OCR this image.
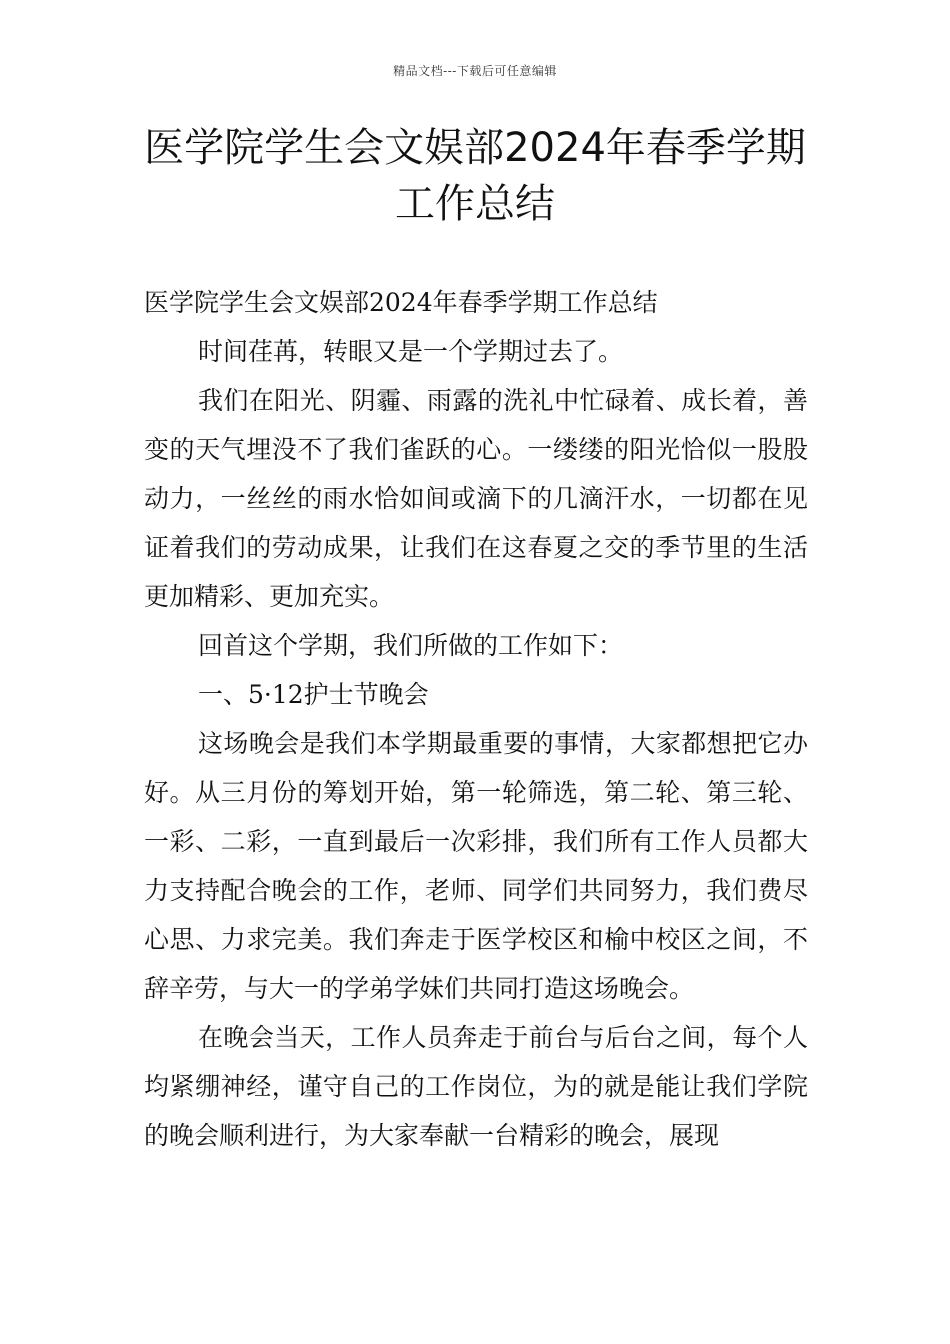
精品文档---下载后可任意编辑
医学院学生会文娱部2024年春季学期
工作总结

医学院学生会文娱部2024年春季学期工作总结

时间荏苒，转眼又是一个学期过去了。

我们在阳光、阴霾、雨露的洗礼中忙碌着、成长着，善变的天气埋没不了我们雀跃的心。一缕缕的阳光恰似一股股动力，一丝丝的雨水恰如间或滴下的几滴汗水，一切都在见证着我们的劳动成果，让我们在这春夏之交的季节里的生活更加精彩、更加充实。

回首这个学期，我们所做的工作如下：

一、5·12护士节晚会

这场晚会是我们本学期最重要的事情，大家都想把它办好。从三月份的筹划开始，第一轮筛选，第二轮、第三轮、一彩、二彩，一直到最后一次彩排，我们所有工作人员都大力支持配合晚会的工作，老师、同学们共同努力，我们费尽心思、力求完美。我们奔走于医学校区和榆中校区之间，不辞辛劳，与大一的学弟学妹们共同打造这场晚会。

在晚会当天，工作人员奔走于前台与后台之间，每个人均紧绷神经，谨守自己的工作岗位，为的就是能让我们学院的晚会顺利进行，为大家奉献一台精彩的晚会，展现
